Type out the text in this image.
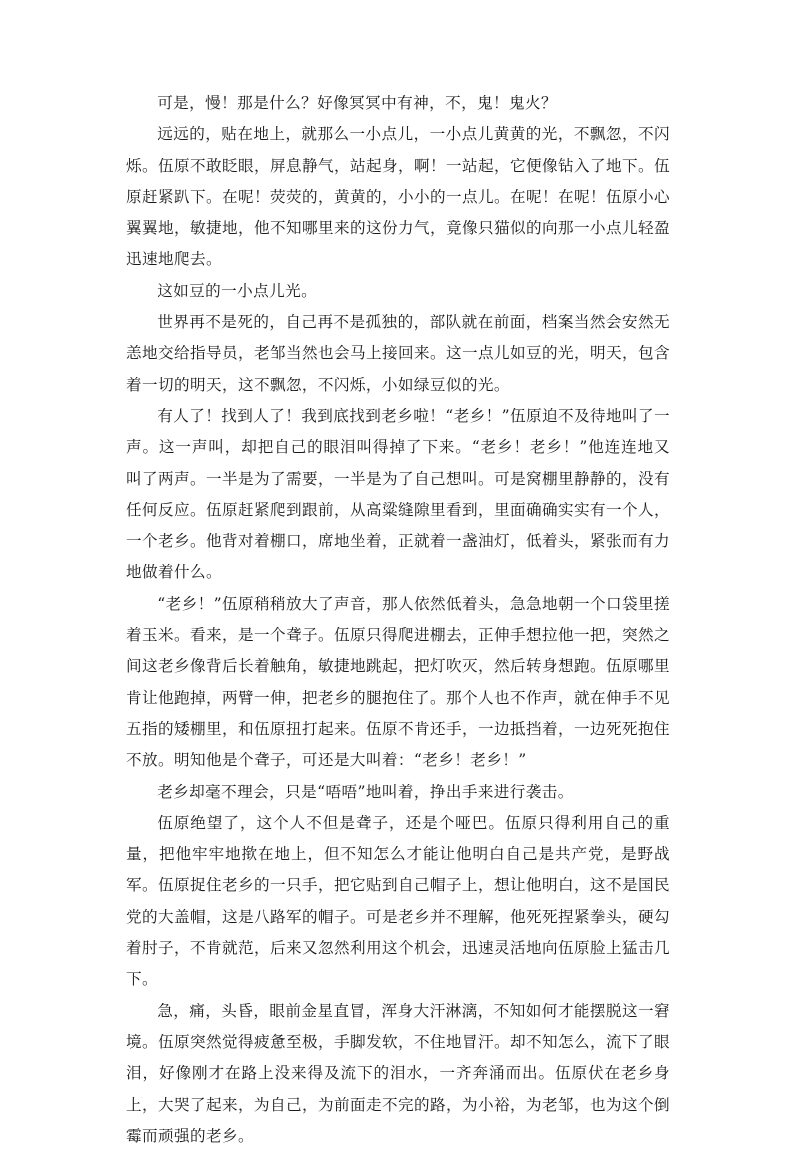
可是，慢！那是什么？好像冥冥中有神，不，鬼！鬼火？

远远的，贴在地上，就那么一小点儿，一小点儿黄黄的光，不飘忽，不闪烁。伍原不敢眨眼，屏息静气，站起身，啊！一站起，它便像钻入了地下。伍原赶紧趴下。在呢！荧荧的，黄黄的，小小的一点儿。在呢！在呢！伍原小心翼翼地，敏捷地，他不知哪里来的这份力气，竟像只猫似的向那一小点儿轻盈迅速地爬去。

这如豆的一小点儿光。

世界再不是死的，自己再不是孤独的，部队就在前面，档案当然会安然无恙地交给指导员，老邹当然也会马上接回来。这一点儿如豆的光，明天，包含着一切的明天，这不飘忽，不闪烁，小如绿豆似的光。

有人了！找到人了！我到底找到老乡啦！“老乡！”伍原迫不及待地叫了一声。这一声叫，却把自己的眼泪叫得掉了下来。“老乡！老乡！”他连连地又叫了两声。一半是为了需要，一半是为了自己想叫。可是窝棚里静静的，没有任何反应。伍原赶紧爬到跟前，从高粱缝隙里看到，里面确确实实有一个人，一个老乡。他背对着棚口，席地坐着，正就着一盏油灯，低着头，紧张而有力地做着什么。

“老乡！”伍原稍稍放大了声音，那人依然低着头，急急地朝一个口袋里搓着玉米。看来，是一个聋子。伍原只得爬进棚去，正伸手想拉他一把，突然之间这老乡像背后长着触角，敏捷地跳起，把灯吹灭，然后转身想跑。伍原哪里肯让他跑掉，两臂一伸，把老乡的腿抱住了。那个人也不作声，就在伸手不见五指的矮棚里，和伍原扭打起来。伍原不肯还手，一边抵挡着，一边死死抱住不放。明知他是个聋子，可还是大叫着：“老乡！老乡！”

老乡却毫不理会，只是“唔唔”地叫着，挣出手来进行袭击。

伍原绝望了，这个人不但是聋子，还是个哑巴。伍原只得利用自己的重量，把他牢牢地揿在地上，但不知怎么才能让他明白自己是共产党，是野战军。伍原捉住老乡的一只手，把它贴到自己帽子上，想让他明白，这不是国民党的大盖帽，这是八路军的帽子。可是老乡并不理解，他死死捏紧拳头，硬勾着肘子，不肯就范，后来又忽然利用这个机会，迅速灵活地向伍原脸上猛击几下。

急，痛，头昏，眼前金星直冒，浑身大汗淋漓，不知如何才能摆脱这一窘境。伍原突然觉得疲惫至极，手脚发软，不住地冒汗。却不知怎么，流下了眼泪，好像刚才在路上没来得及流下的泪水，一齐奔涌而出。伍原伏在老乡身上，大哭了起来，为自己，为前面走不完的路，为小裕，为老邹，也为这个倒霉而顽强的老乡。
